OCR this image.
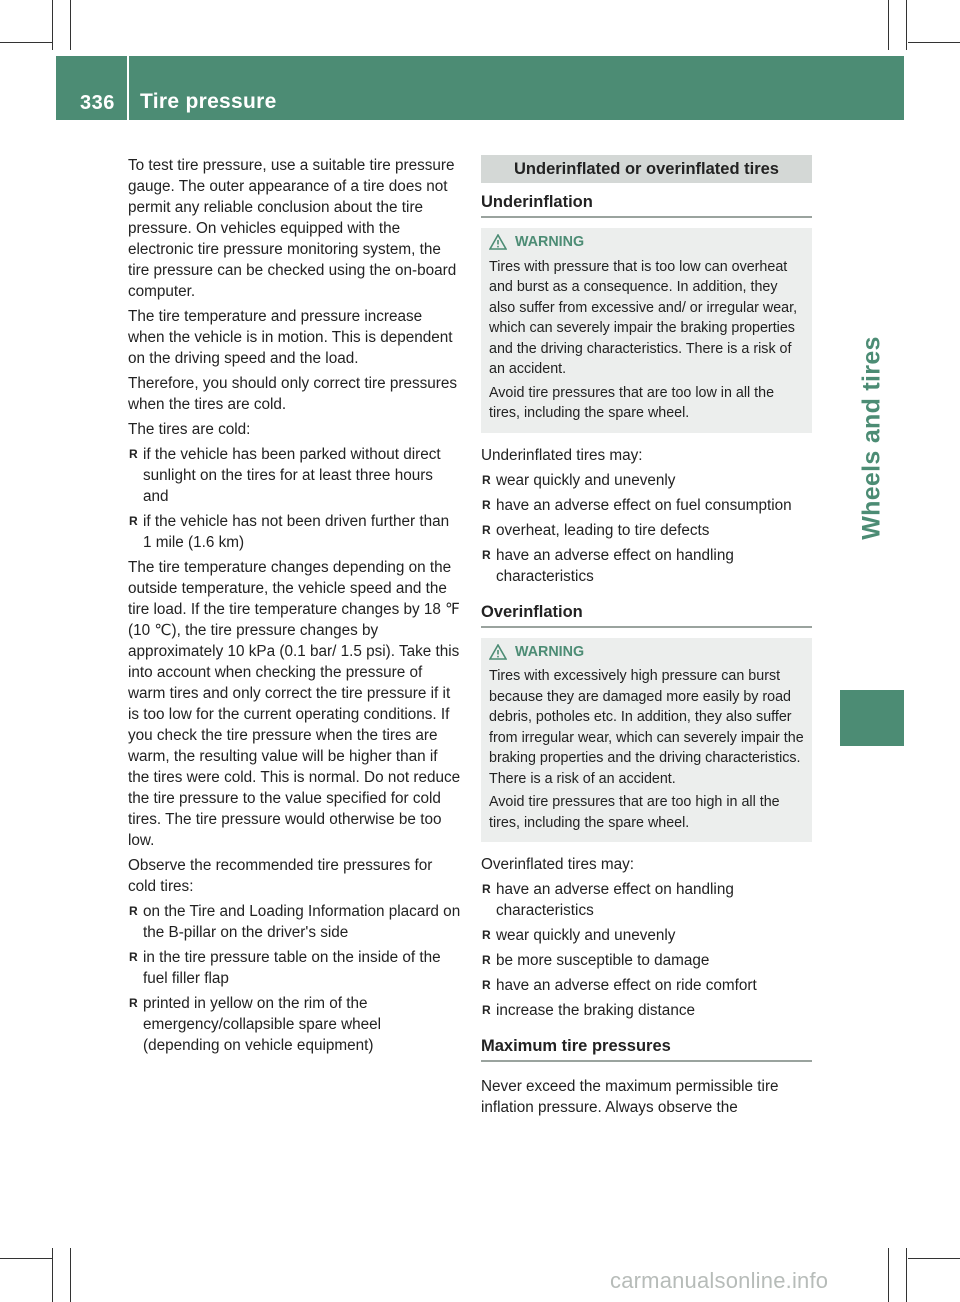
336 Tire pressure
Wheels and tires

To test tire pressure, use a suitable tire pressure gauge. The outer appearance of a tire does not permit any reliable conclusion about the tire pressure. On vehicles equipped with the electronic tire pressure monitoring system, the tire pressure can be checked using the on-board computer.

The tire temperature and pressure increase when the vehicle is in motion. This is dependent on the driving speed and the load.

Therefore, you should only correct tire pressures when the tires are cold.

The tires are cold:

R if the vehicle has been parked without direct sunlight on the tires for at least three hours and
R if the vehicle has not been driven further than 1 mile (1.6 km)

The tire temperature changes depending on the outside temperature, the vehicle speed and the tire load. If the tire temperature changes by 18 ℉ (10 ℃), the tire pressure changes by approximately 10 kPa (0.1 bar/ 1.5 psi). Take this into account when checking the pressure of warm tires and only correct the tire pressure if it is too low for the current operating conditions. If you check the tire pressure when the tires are warm, the resulting value will be higher than if the tires were cold. This is normal. Do not reduce the tire pressure to the value specified for cold tires. The tire pressure would otherwise be too low.

Observe the recommended tire pressures for cold tires:

R on the Tire and Loading Information placard on the B-pillar on the driver's side
R in the tire pressure table on the inside of the fuel filler flap
R printed in yellow on the rim of the emergency/collapsible spare wheel (depending on vehicle equipment)
Underinflated or overinflated tires
Underinflation
WARNING

Tires with pressure that is too low can overheat and burst as a consequence. In addition, they also suffer from excessive and/ or irregular wear, which can severely impair the braking properties and the driving characteristics. There is a risk of an accident.

Avoid tire pressures that are too low in all the tires, including the spare wheel.

Underinflated tires may:

R wear quickly and unevenly
R have an adverse effect on fuel consumption
R overheat, leading to tire defects
R have an adverse effect on handling characteristics
Overinflation
WARNING

Tires with excessively high pressure can burst because they are damaged more easily by road debris, potholes etc. In addition, they also suffer from irregular wear, which can severely impair the braking properties and the driving characteristics. There is a risk of an accident.

Avoid tire pressures that are too high in all the tires, including the spare wheel.

Overinflated tires may:

R have an adverse effect on handling characteristics
R wear quickly and unevenly
R be more susceptible to damage
R have an adverse effect on ride comfort
R increase the braking distance
Maximum tire pressures

Never exceed the maximum permissible tire inflation pressure. Always observe the

carmanualsonline.info
